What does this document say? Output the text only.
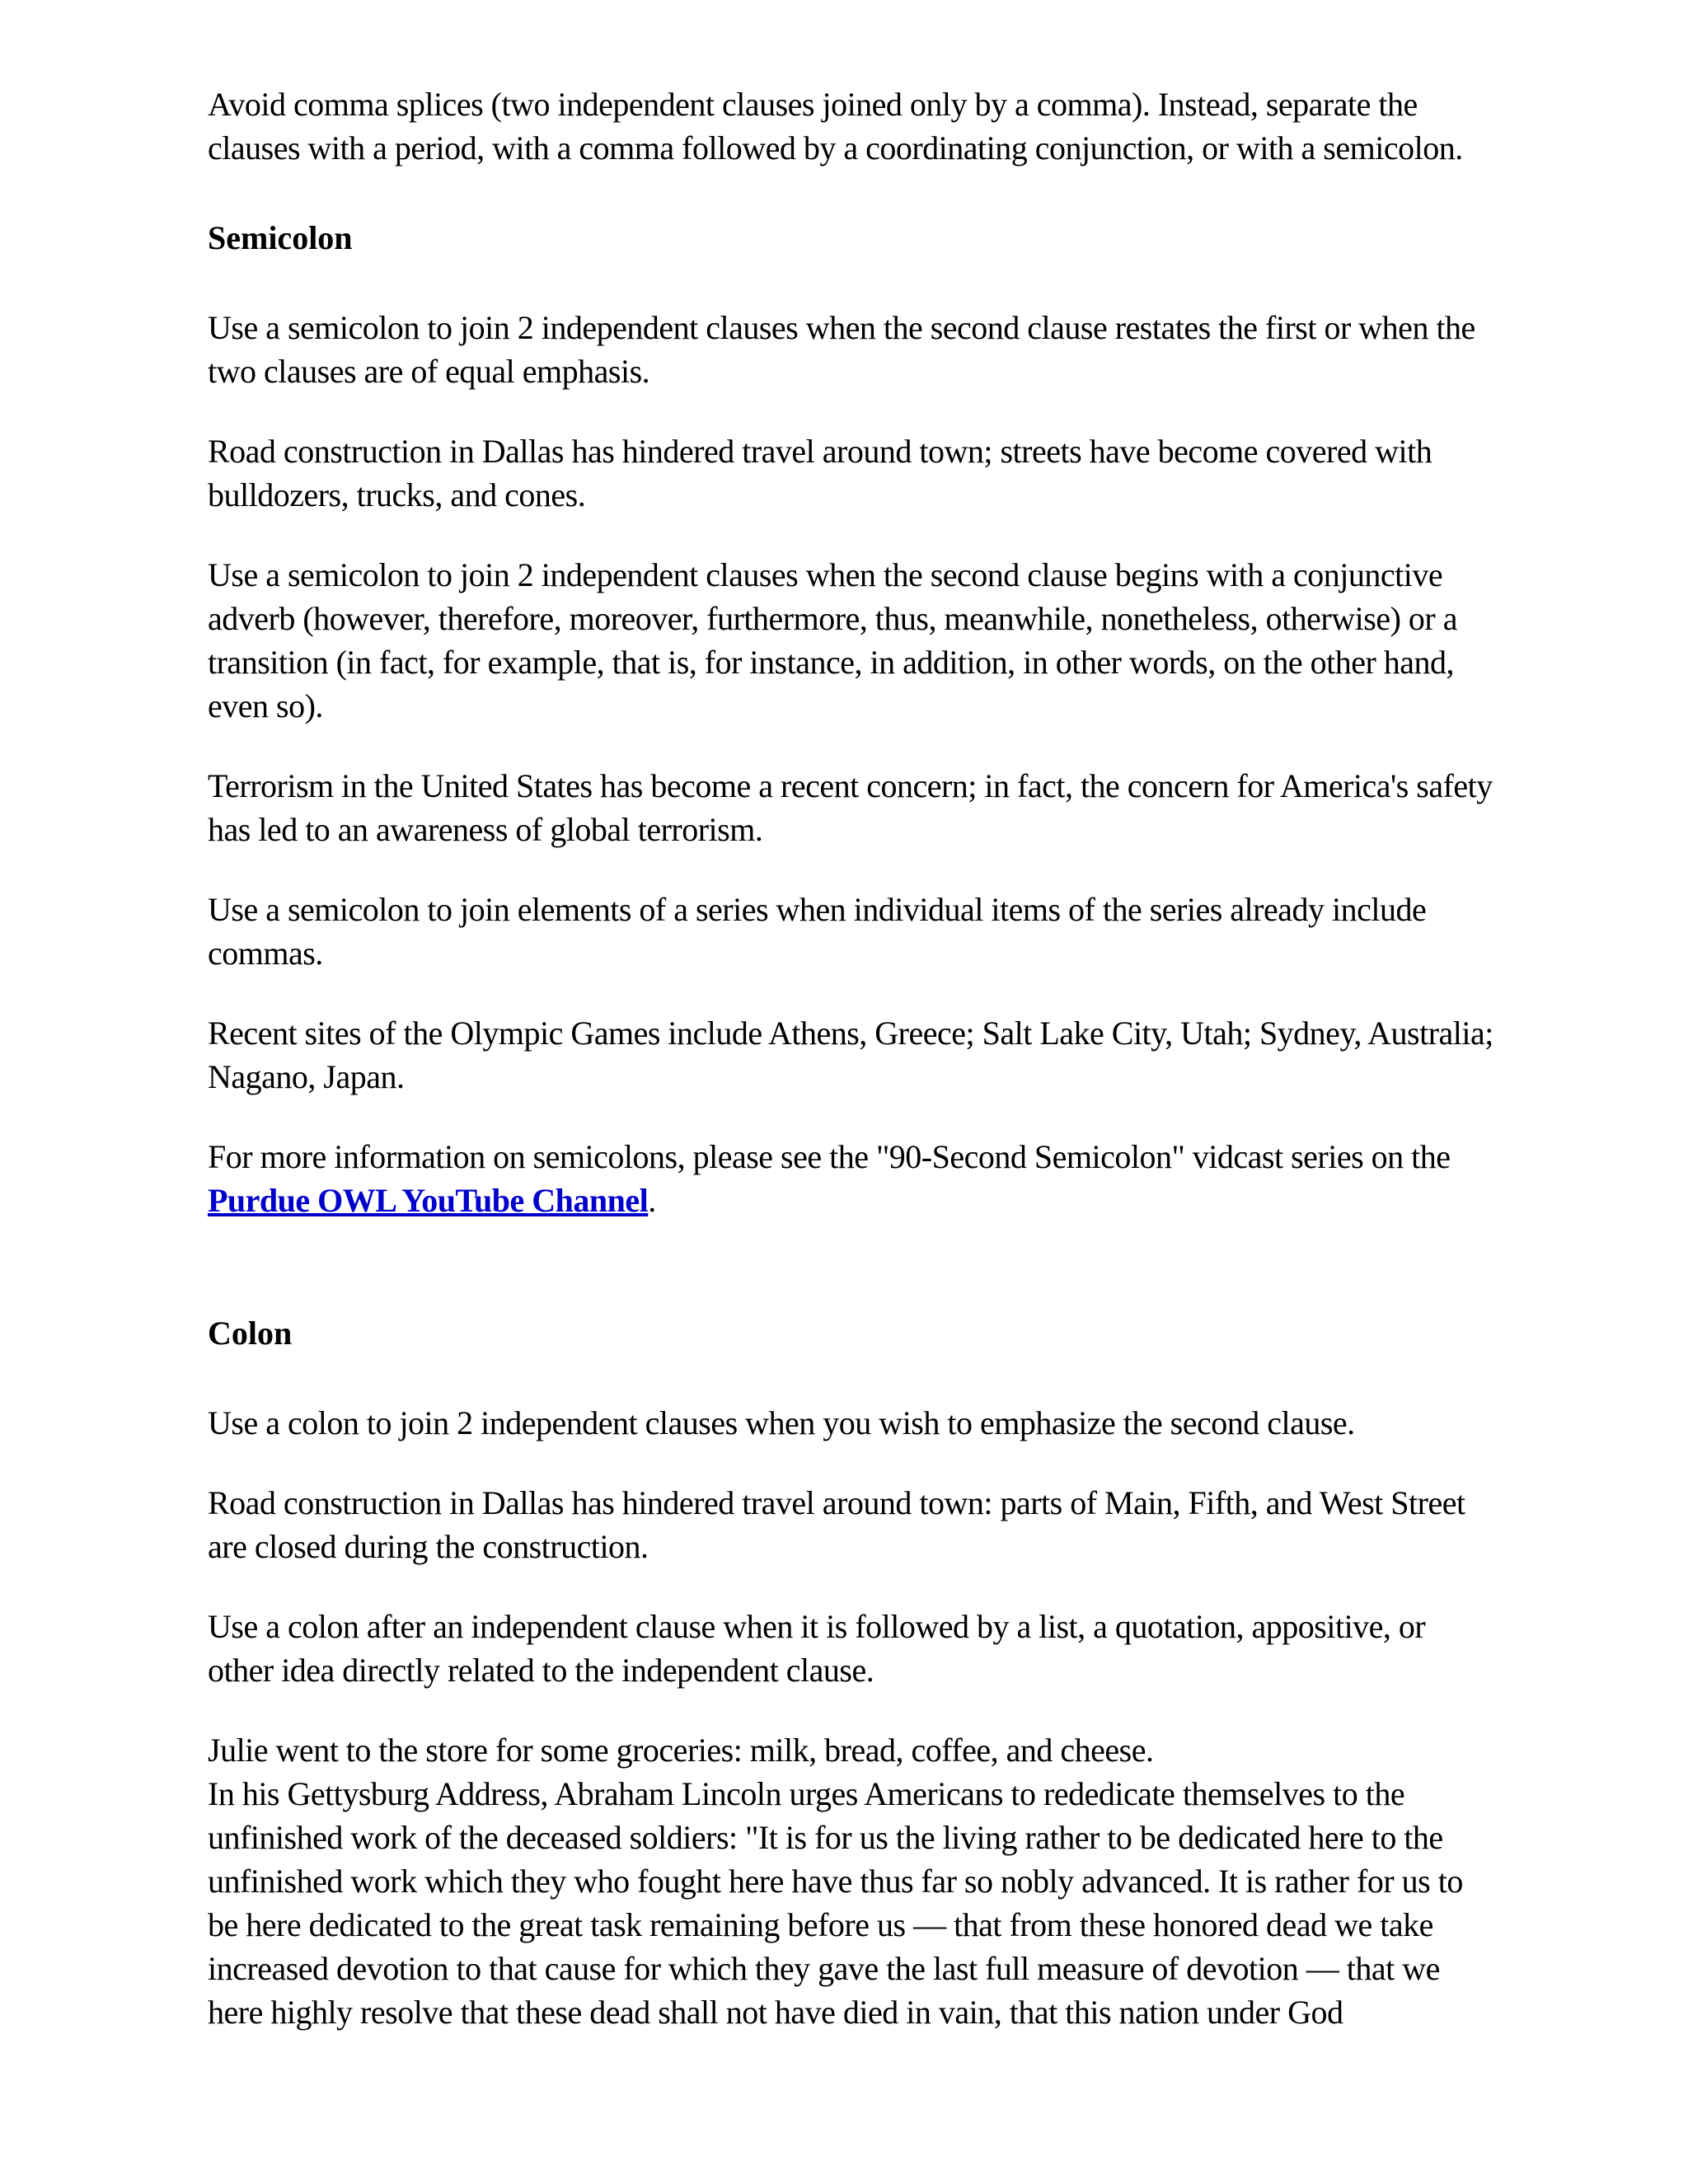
Avoid comma splices (two independent clauses joined only by a comma). Instead, separate the clauses with a period, with a comma followed by a coordinating conjunction, or with a semicolon.

Semicolon

Use a semicolon to join 2 independent clauses when the second clause restates the first or when the two clauses are of equal emphasis.

Road construction in Dallas has hindered travel around town; streets have become covered with bulldozers, trucks, and cones.

Use a semicolon to join 2 independent clauses when the second clause begins with a conjunctive adverb (however, therefore, moreover, furthermore, thus, meanwhile, nonetheless, otherwise) or a transition (in fact, for example, that is, for instance, in addition, in other words, on the other hand, even so).

Terrorism in the United States has become a recent concern; in fact, the concern for America's safety has led to an awareness of global terrorism.

Use a semicolon to join elements of a series when individual items of the series already include commas.

Recent sites of the Olympic Games include Athens, Greece; Salt Lake City, Utah; Sydney, Australia; Nagano, Japan.

For more information on semicolons, please see the "90-Second Semicolon" vidcast series on the Purdue OWL YouTube Channel.

Colon

Use a colon to join 2 independent clauses when you wish to emphasize the second clause.

Road construction in Dallas has hindered travel around town: parts of Main, Fifth, and West Street are closed during the construction.

Use a colon after an independent clause when it is followed by a list, a quotation, appositive, or other idea directly related to the independent clause.

Julie went to the store for some groceries: milk, bread, coffee, and cheese.

In his Gettysburg Address, Abraham Lincoln urges Americans to rededicate themselves to the unfinished work of the deceased soldiers: "It is for us the living rather to be dedicated here to the unfinished work which they who fought here have thus far so nobly advanced. It is rather for us to be here dedicated to the great task remaining before us — that from these honored dead we take increased devotion to that cause for which they gave the last full measure of devotion — that we here highly resolve that these dead shall not have died in vain, that this nation under God
